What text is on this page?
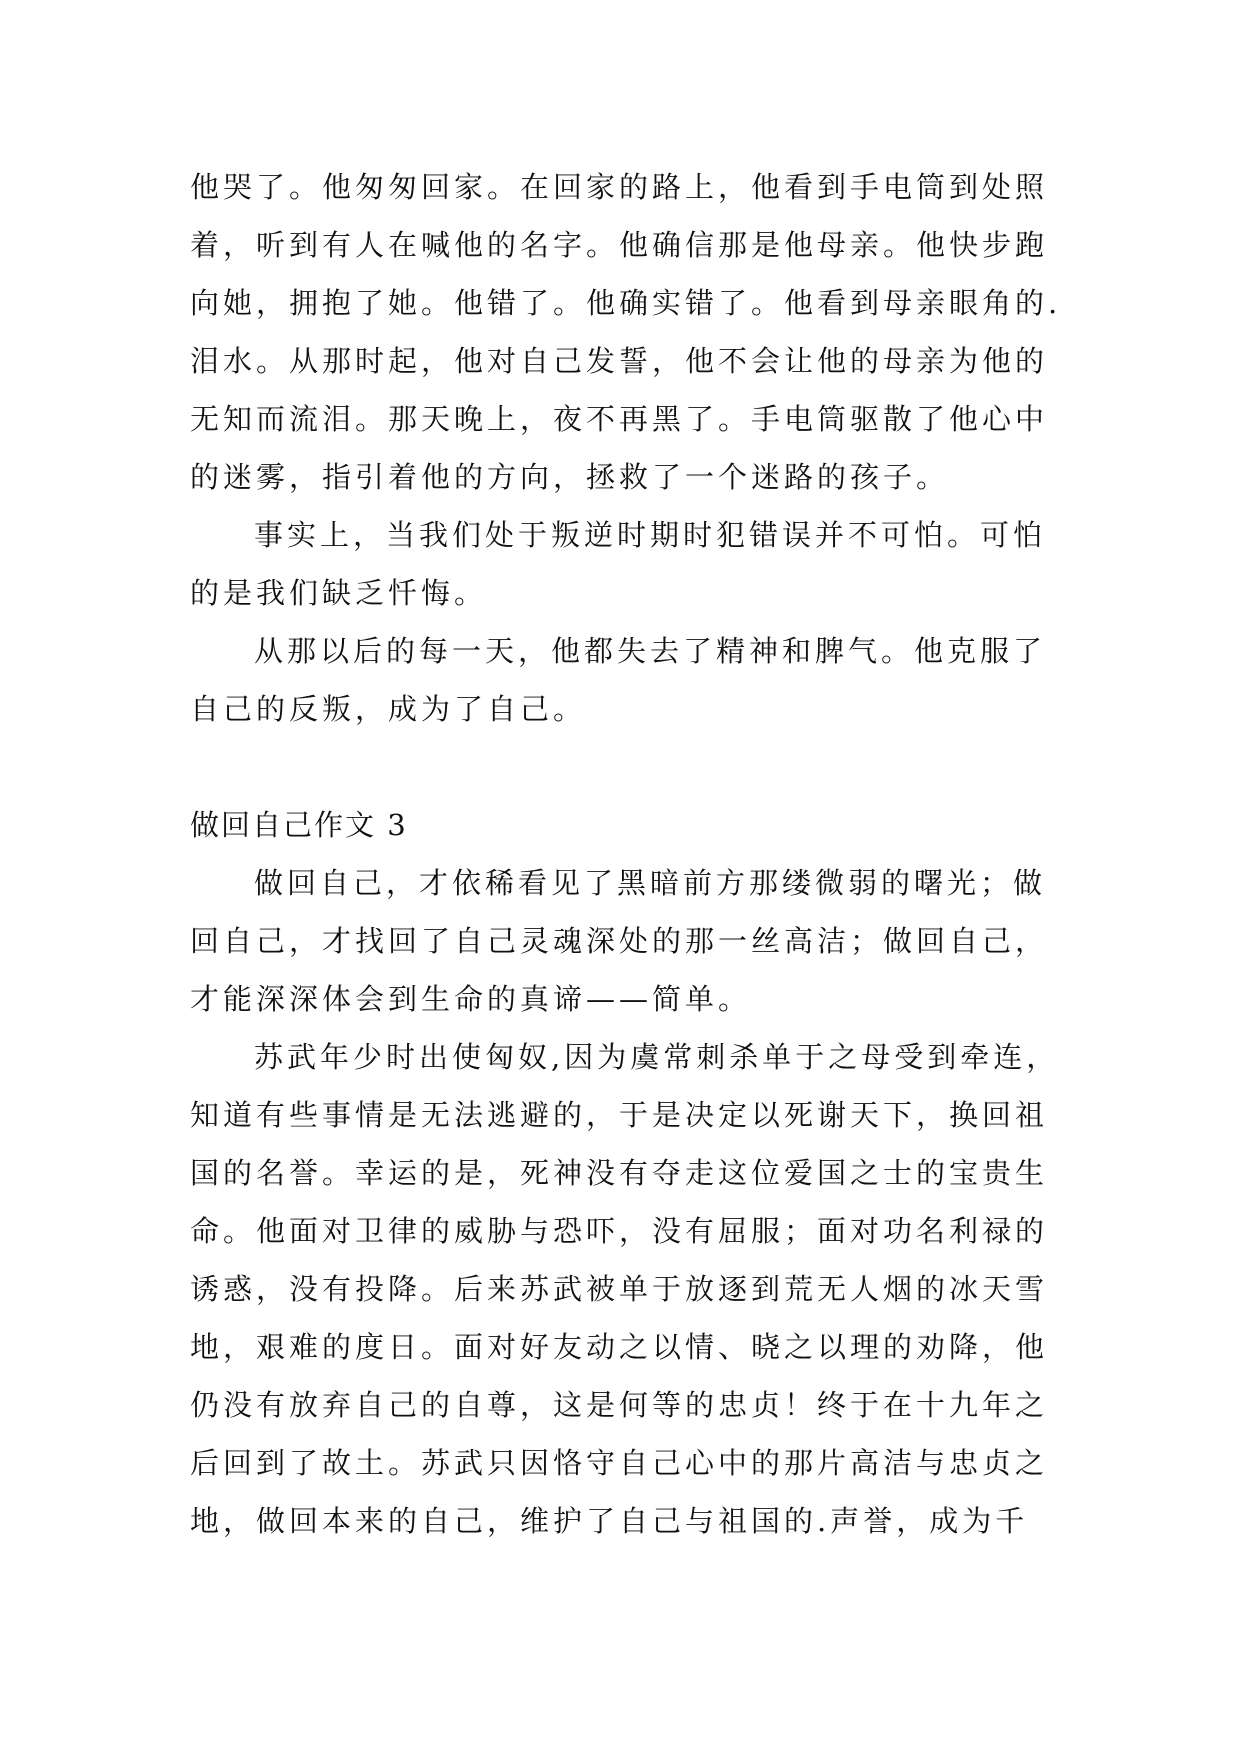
他哭了。他匆匆回家。在回家的路上，他看到手电筒到处照
着，听到有人在喊他的名字。他确信那是他母亲。他快步跑
向她，拥抱了她。他错了。他确实错了。他看到母亲眼角的.
泪水。从那时起，他对自己发誓，他不会让他的母亲为他的
无知而流泪。那天晚上，夜不再黑了。手电筒驱散了他心中
的迷雾，指引着他的方向，拯救了一个迷路的孩子。
事实上，当我们处于叛逆时期时犯错误并不可怕。可怕
的是我们缺乏忏悔。
从那以后的每一天，他都失去了精神和脾气。他克服了
自己的反叛，成为了自己。
做回自己作文 3
做回自己，才依稀看见了黑暗前方那缕微弱的曙光；做
回自己，才找回了自己灵魂深处的那一丝高洁；做回自己，
才能深深体会到生命的真谛——简单。
苏武年少时出使匈奴,因为虞常刺杀单于之母受到牵连，
知道有些事情是无法逃避的，于是决定以死谢天下，换回祖
国的名誉。幸运的是，死神没有夺走这位爱国之士的宝贵生
命。他面对卫律的威胁与恐吓，没有屈服；面对功名利禄的
诱惑，没有投降。后来苏武被单于放逐到荒无人烟的冰天雪
地，艰难的度日。面对好友动之以情、晓之以理的劝降，他
仍没有放弃自己的自尊，这是何等的忠贞！终于在十九年之
后回到了故土。苏武只因恪守自己心中的那片高洁与忠贞之
地，做回本来的自己，维护了自己与祖国的.声誉，成为千
